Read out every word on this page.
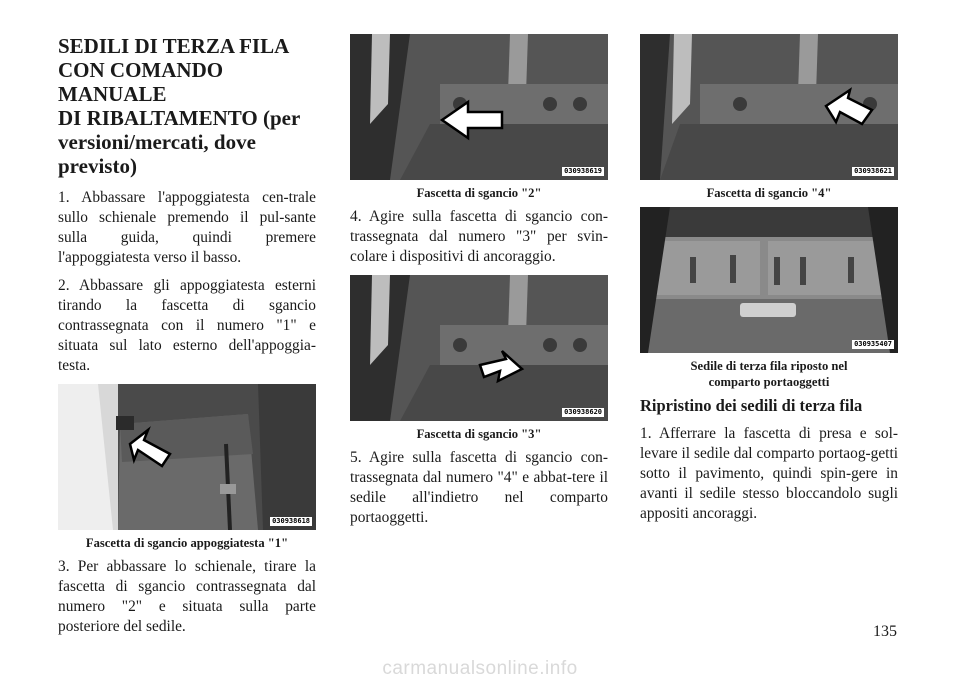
SEDILI DI TERZA FILA
CON COMANDO MANUALE
DI RIBALTAMENTO (per
versioni/mercati, dove
previsto)

1. Abbassare l'appoggiatesta cen-trale sullo schienale premendo il pul-sante sulla guida, quindi premere l'appoggiatesta verso il basso.

2. Abbassare gli appoggiatesta esterni tirando la fascetta di sgancio contrassegnata con il numero "1" e situata sul lato esterno dell'appoggia-testa.

030938618
Fascetta di sgancio appoggiatesta "1"

3. Per abbassare lo schienale, tirare la fascetta di sgancio contrassegnata dal numero "2" e situata sulla parte posteriore del sedile.

030938619
Fascetta di sgancio "2"

4. Agire sulla fascetta di sgancio con-trassegnata dal numero "3" per svin-colare i dispositivi di ancoraggio.

030938620
Fascetta di sgancio "3"

5. Agire sulla fascetta di sgancio con-trassegnata dal numero "4" e abbat-tere il sedile all'indietro nel comparto portaoggetti.

030938621
Fascetta di sgancio "4"
030935407
Sedile di terza fila riposto nel
comparto portaoggetti
Ripristino dei sedili di terza fila

1. Afferrare la fascetta di presa e sol-levare il sedile dal comparto portaog-getti sotto il pavimento, quindi spin-gere in avanti il sedile stesso bloccandolo sugli appositi ancoraggi.

135
carmanualsonline.info
